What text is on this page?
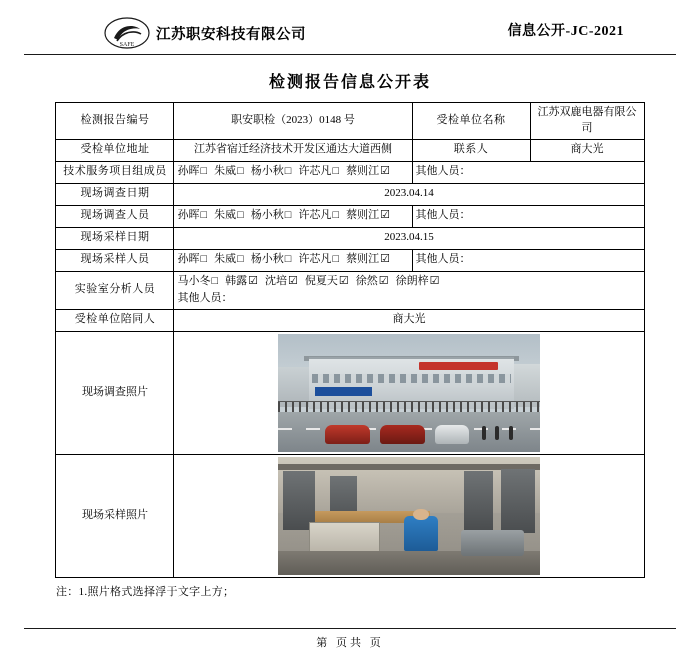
SAFE
江苏职安科技有限公司	信息公开-JC-2021
检测报告信息公开表
检测报告编号	职安职检（2023）0148 号	受检单位名称	江苏双鹿电器有限公司
受检单位地址	江苏省宿迁经济技术开发区通达大道西侧	联系人	商大光
技术服务项目组成员	孙晖□ 朱威□ 杨小秋□ 许芯凡□ 蔡则江☑	其他人员：	
现场调查日期	2023.04.14		
现场调查人员	孙晖□ 朱威□ 杨小秋□ 许芯凡□ 蔡则江☑	其他人员：	
现场采样日期	2023.04.15		
现场采样人员	孙晖□ 朱威□ 杨小秋□ 许芯凡□ 蔡则江☑	其他人员：	
实验室分析人员	
马小冬□ 韩露☑ 沈培☑ 倪夏天☑ 徐然☑ 徐朗梓☑
其他人员：

受检单位陪同人	商大光		
现场调查照片			

现场采样照片			
注：1.照片格式选择浮于文字上方；
第 页共 页
